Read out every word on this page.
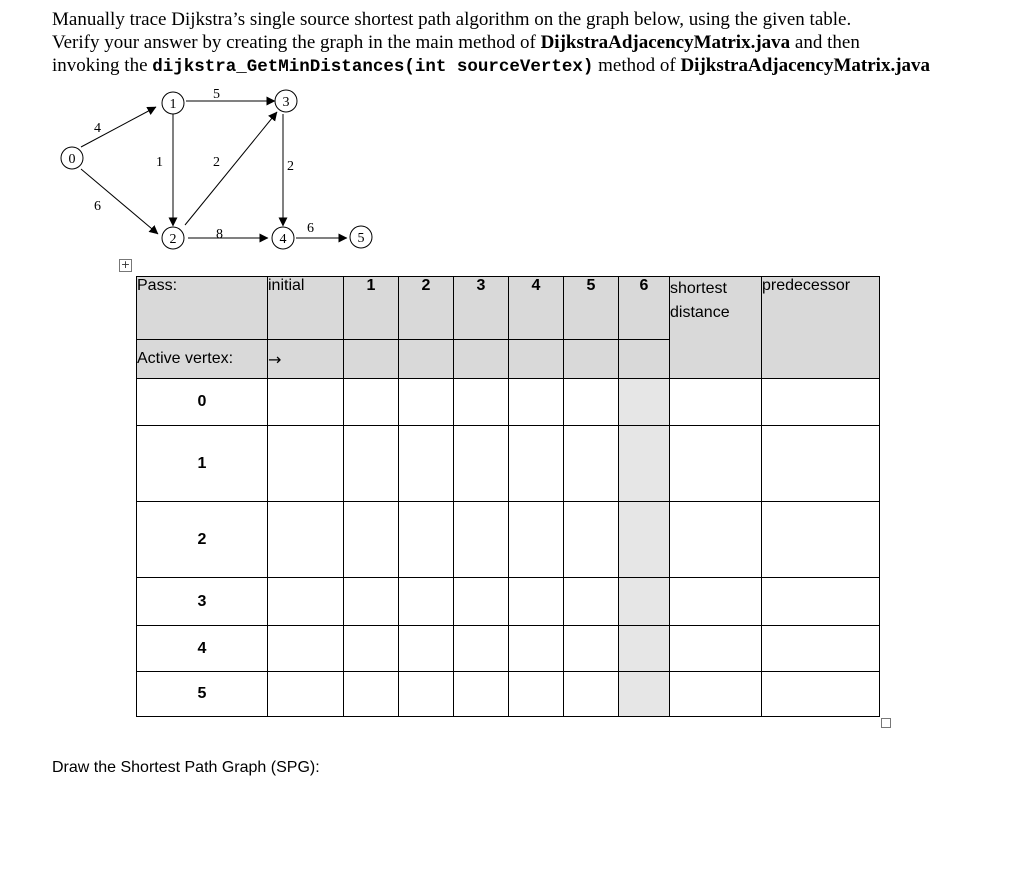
Manually trace Dijkstra’s single source shortest path algorithm on the graph below, using the given table.
Verify your answer by creating the graph in the main method of DijkstraAdjacencyMatrix.java and then
invoking the dijkstra_GetMinDistances(int sourceVertex) method of DijkstraAdjacencyMatrix.java
4
6
5
1	2
8
2
6
0
1
2
3
4	5
+
Pass:	initial	1	2	3	4	5	6	shortest distance	predecessor
Active vertex:	→								
0									
1									
2									
3									
4									
5									
Draw the Shortest Path Graph (SPG):
